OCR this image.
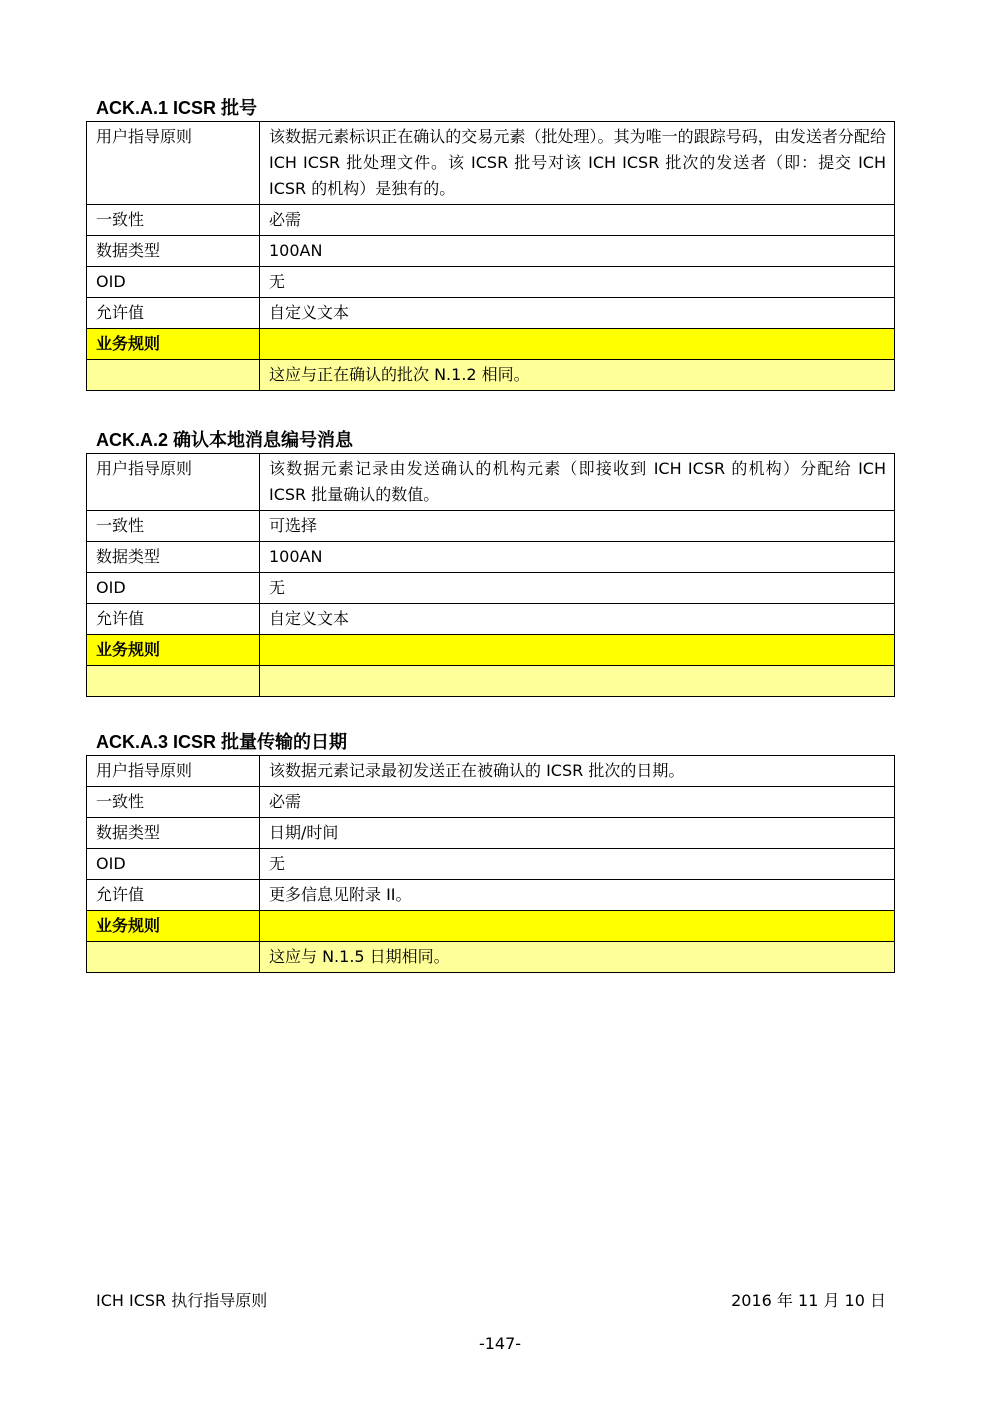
ACK.A.1 ICSR 批号
用户指导原则	该数据元素标识正在确认的交易元素（批处理）。其为唯一的跟踪号码，由发送者分配给 ICH ICSR 批处理文件。该 ICSR 批号对该 ICH ICSR 批次的发送者（即：提交 ICH ICSR 的机构）是独有的。
一致性	必需
数据类型	100AN
OID	无
允许值	自定义文本
业务规则	
	这应与正在确认的批次 N.1.2 相同。
ACK.A.2 确认本地消息编号消息
用户指导原则	该数据元素记录由发送确认的机构元素（即接收到 ICH ICSR 的机构）分配给 ICH ICSR 批量确认的数值。
一致性	可选择
数据类型	100AN
OID	无
允许值	自定义文本
业务规则	

ACK.A.3 ICSR 批量传输的日期
用户指导原则	该数据元素记录最初发送正在被确认的 ICSR 批次的日期。
一致性	必需
数据类型	日期/时间
OID	无
允许值	更多信息见附录 II。
业务规则	
	这应与 N.1.5 日期相同。
ICH ICSR 执行指导原则	2016 年 11 月 10 日
-147-
